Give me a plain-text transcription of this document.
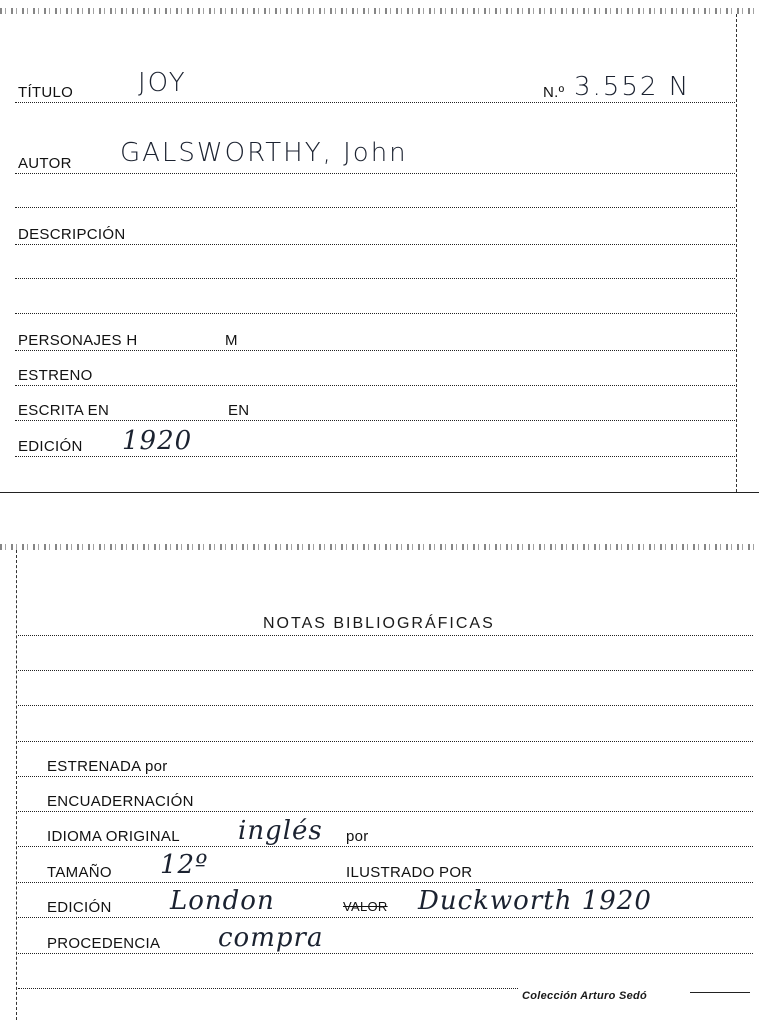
TÍTULO JOY	N.º 3.552 N
AUTOR GALSWORTHY, John
DESCRIPCIÓN
PERSONAJES H	M
ESTRENO
ESCRITA EN	EN
EDICIÓN 1920
NOTAS BIBLIOGRÁFICAS
ESTRENADA por
ENCUADERNACIÓN
IDIOMA ORIGINAL inglés por
TAMAÑO 12º	ILUSTRADO POR
EDICIÓN London	VALOR Duckworth 1920
PROCEDENCIA compra
Colección Arturo Sedó
